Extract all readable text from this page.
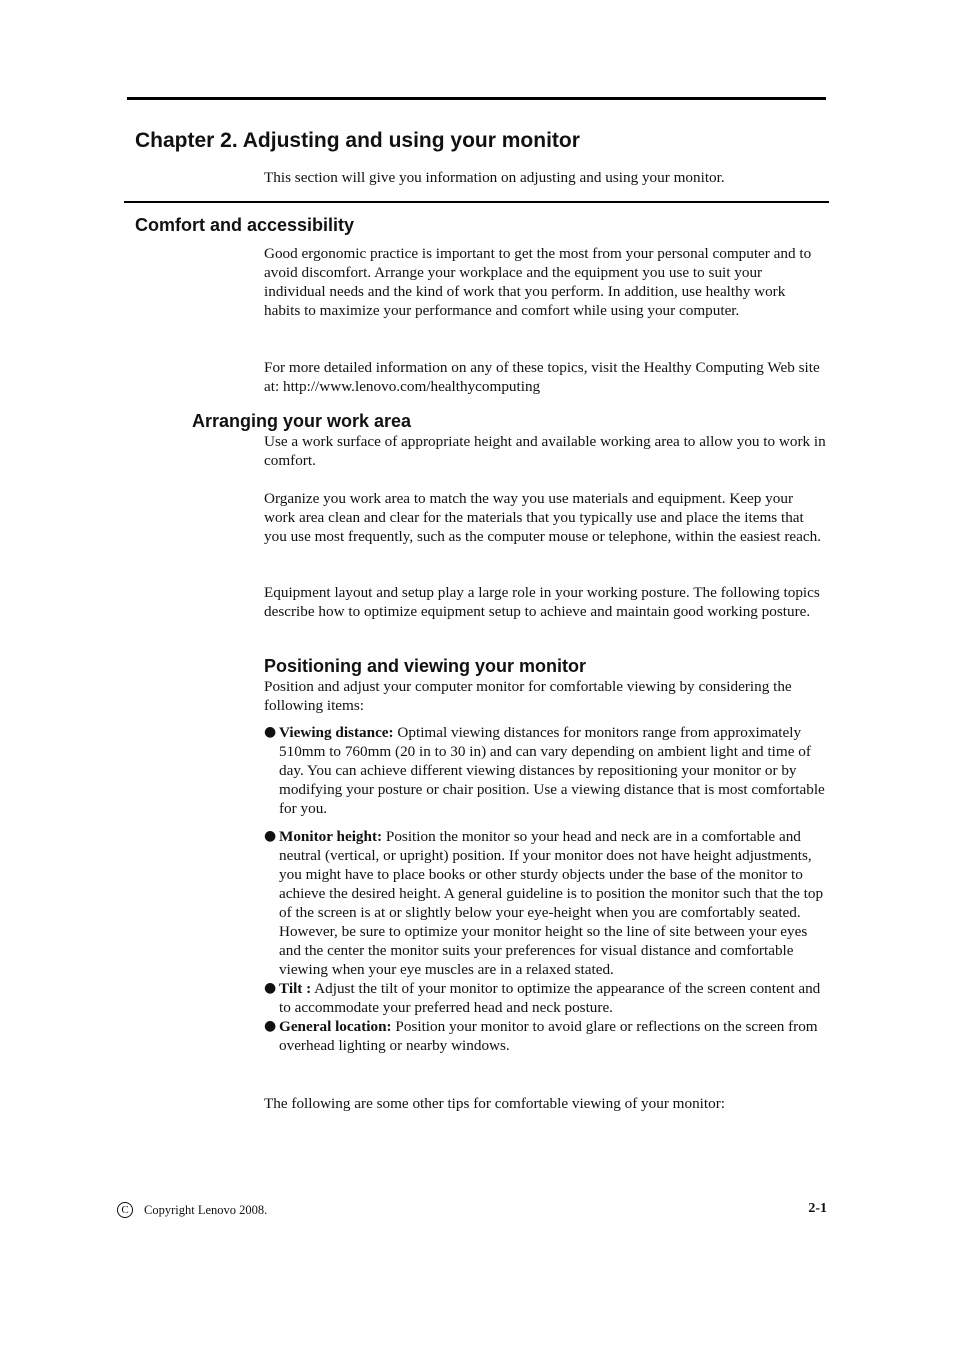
Chapter 2. Adjusting and using your monitor

This section will give you information on adjusting and using your monitor.

Comfort and accessibility

Good ergonomic practice is important to get the most from your personal computer and to avoid discomfort. Arrange your workplace and the equipment you use to suit your individual needs and the kind of work that you perform. In addition, use healthy work habits to maximize your performance and comfort while using your computer.

For more detailed information on any of these topics, visit the Healthy Computing Web site at: http://www.lenovo.com/healthycomputing

Arranging your work area

Use a work surface of appropriate height and available working area to allow you to work in comfort.

Organize you work area to match the way you use materials and equipment. Keep your work area clean and clear for the materials that you typically use and place the items that you use most frequently, such as the computer mouse or telephone, within the easiest reach.

Equipment layout and setup play a large role in your working posture. The following topics describe how to optimize equipment setup to achieve and maintain good working posture.

Positioning and viewing your monitor

Position and adjust your computer monitor for comfortable viewing by considering the following items:

● Viewing distance: Optimal viewing distances for monitors range from approximately 510mm to 760mm (20 in to 30 in) and can vary depending on ambient light and time of day. You can achieve different viewing distances by repositioning your monitor or by modifying your posture or chair position. Use a viewing distance that is most comfortable for you.
● Monitor height: Position the monitor so your head and neck are in a comfortable and neutral (vertical, or upright) position. If your monitor does not have height adjustments, you might have to place books or other sturdy objects under the base of the monitor to achieve the desired height. A general guideline is to position the monitor such that the top of the screen is at or slightly below your eye-height when you are comfortably seated. However, be sure to optimize your monitor height so the line of site between your eyes and the center the monitor suits your preferences for visual distance and comfortable viewing when your eye muscles are in a relaxed stated.
● Tilt : Adjust the tilt of your monitor to optimize the appearance of the screen content and to accommodate your preferred head and neck posture.
● General location: Position your monitor to avoid glare or reflections on the screen from overhead lighting or nearby windows.

The following are some other tips for comfortable viewing of your monitor:

C	Copyright Lenovo 2008.	2-1
